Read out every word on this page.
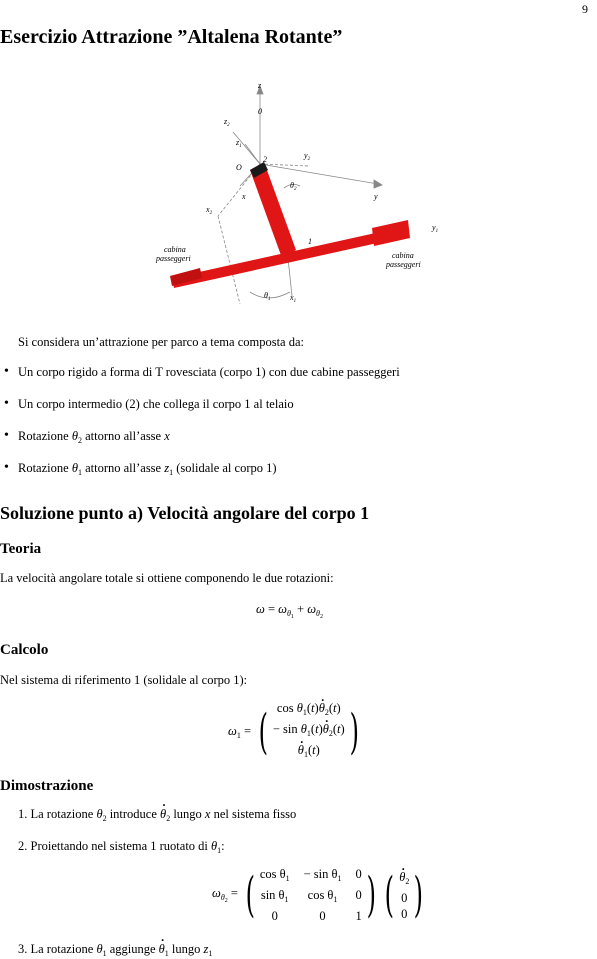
9
Esercizio Attrazione ”Altalena Rotante”
z
0
$z_2$
$z_1$
O
2	$y_2$
$\theta_2$
x	y
$x_2$
$y_1$
1
cabina
passeggeri	cabina
passeggeri
$\theta_1$ $x_1$
Si considera un’attrazione per parco a tema composta da:
• Un corpo rigido a forma di T rovesciata (corpo 1) con due cabine passeggeri
• Un corpo intermedio (2) che collega il corpo 1 al telaio
• Rotazione $\theta_2$ attorno all’asse x
• Rotazione $\theta_1$ attorno all’asse $z_1$ (solidale al corpo 1)
Soluzione punto a) Velocità angolare del corpo 1
Teoria
La velocità angolare totale si ottiene componendo le due rotazioni:
$\omega = \omega_{\theta_1} + \omega_{\theta_2}$
Calcolo
Nel sistema di riferimento 1 (solidale al corpo 1):
$\omega_1$ = ( $\cos \theta_1(t)\cdot \theta_2(t)$
− $\sin \theta_1(t)\cdot \theta_2(t)$
· $\theta_1(t)$ )
Dimostrazione
1. La rotazione $\theta_2$ introduce · $\theta_2$ lungo x nel sistema fisso
2. Proiettando nel sistema 1 ruotato di $\theta_1$:
$\omega_{\theta_2}$ = ( $\cos \theta_1 - \sin \theta_1$ 0
$\sin \theta_1$	$\cos \theta_1$	0
0	0	1 ) (
· $\theta_2$
0
0 )
3. La rotazione $\theta_1$ aggiunge · $\theta_1$ lungo $z_1$
